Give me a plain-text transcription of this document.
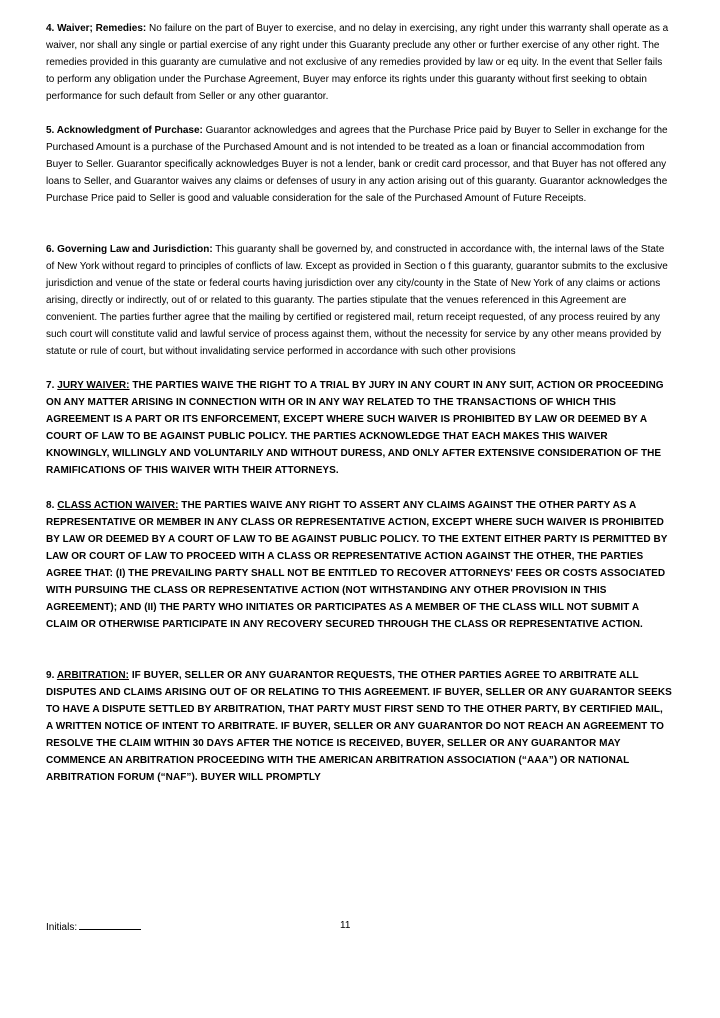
4. Waiver; Remedies: No failure on the part of Buyer to exercise, and no delay in exercising, any right under this warranty shall operate as a waiver, nor shall any single or partial exercise of any right under this Guaranty preclude any other or further exercise of any other right. The remedies provided in this guaranty are cumulative and not exclusive of any remedies provided by law or eq uity. In the event that Seller fails to perform any obligation under the Purchase Agreement, Buyer may enforce its rights under this guaranty without first seeking to obtain performance for such default from Seller or any other guarantor.

5. Acknowledgment of Purchase: Guarantor acknowledges and agrees that the Purchase Price paid by Buyer to Seller in exchange for the Purchased Amount is a purchase of the Purchased Amount and is not intended to be treated as a loan or financial accommodation from Buyer to Seller. Guarantor specifically acknowledges Buyer is not a lender, bank or credit card processor, and that Buyer has not offered any loans to Seller, and Guarantor waives any claims or defenses of usury in any action arising out of this guaranty. Guarantor acknowledges the Purchase Price paid to Seller is good and valuable consideration for the sale of the Purchased Amount of Future Receipts.

6. Governing Law and Jurisdiction: This guaranty shall be governed by, and constructed in accordance with, the internal laws of the State of New York without regard to principles of conflicts of law. Except as provided in Section o f this guaranty, guarantor submits to the exclusive jurisdiction and venue of the state or federal courts having jurisdiction over any city/county in the State of New York of any claims or actions arising, directly or indirectly, out of or related to this guaranty. The parties stipulate that the venues referenced in this Agreement are convenient. The parties further agree that the mailing by certified or registered mail, return receipt requested, of any process reuired by any such court will constitute valid and lawful service of process against them, without the necessity for service by any other means provided by statute or rule of court, but without invalidating service performed in accordance with such other provisions

7. JURY WAIVER: THE PARTIES WAIVE THE RIGHT TO A TRIAL BY JURY IN ANY COURT IN ANY SUIT, ACTION OR PROCEEDING ON ANY MATTER ARISING IN CONNECTION WITH OR IN ANY WAY RELATED TO THE TRANSACTIONS OF WHICH THIS AGREEMENT IS A PART OR ITS ENFORCEMENT, EXCEPT WHERE SUCH WAIVER IS PROHIBITED BY LAW OR DEEMED BY A COURT OF LAW TO BE AGAINST PUBLIC POLICY. THE PARTIES ACKNOWLEDGE THAT EACH MAKES THIS WAIVER KNOWINGLY, WILLINGLY AND VOLUNTARILY AND WITHOUT DURESS, AND ONLY AFTER EXTENSIVE CONSIDERATION OF THE RAMIFICATIONS OF THIS WAIVER WITH THEIR ATTORNEYS.

8. CLASS ACTION WAIVER: THE PARTIES WAIVE ANY RIGHT TO ASSERT ANY CLAIMS AGAINST THE OTHER PARTY AS A REPRESENTATIVE OR MEMBER IN ANY CLASS OR REPRESENTATIVE ACTION, EXCEPT WHERE SUCH WAIVER IS PROHIBITED BY LAW OR DEEMED BY A COURT OF LAW TO BE AGAINST PUBLIC POLICY. TO THE EXTENT EITHER PARTY IS PERMITTED BY LAW OR COURT OF LAW TO PROCEED WITH A CLASS OR REPRESENTATIVE ACTION AGAINST THE OTHER, THE PARTIES AGREE THAT: (I) THE PREVAILING PARTY SHALL NOT BE ENTITLED TO RECOVER ATTORNEYS' FEES OR COSTS ASSOCIATED WITH PURSUING THE CLASS OR REPRESENTATIVE ACTION (NOT WITHSTANDING ANY OTHER PROVISION IN THIS AGREEMENT); AND (II) THE PARTY WHO INITIATES OR PARTICIPATES AS A MEMBER OF THE CLASS WILL NOT SUBMIT A CLAIM OR OTHERWISE PARTICIPATE IN ANY RECOVERY SECURED THROUGH THE CLASS OR REPRESENTATIVE ACTION.

9. ARBITRATION: IF BUYER, SELLER OR ANY GUARANTOR REQUESTS, THE OTHER PARTIES AGREE TO ARBITRATE ALL DISPUTES AND CLAIMS ARISING OUT OF OR RELATING TO THIS AGREEMENT. IF BUYER, SELLER OR ANY GUARANTOR SEEKS TO HAVE A DISPUTE SETTLED BY ARBITRATION, THAT PARTY MUST FIRST SEND TO THE OTHER PARTY, BY CERTIFIED MAIL, A WRITTEN NOTICE OF INTENT TO ARBITRATE. IF BUYER, SELLER OR ANY GUARANTOR DO NOT REACH AN AGREEMENT TO RESOLVE THE CLAIM WITHIN 30 DAYS AFTER THE NOTICE IS RECEIVED, BUYER, SELLER OR ANY GUARANTOR MAY COMMENCE AN ARBITRATION PROCEEDING WITH THE AMERICAN ARBITRATION ASSOCIATION (“AAA”) OR NATIONAL ARBITRATION FORUM (“NAF”). BUYER WILL PROMPTLY

Initials:	11
